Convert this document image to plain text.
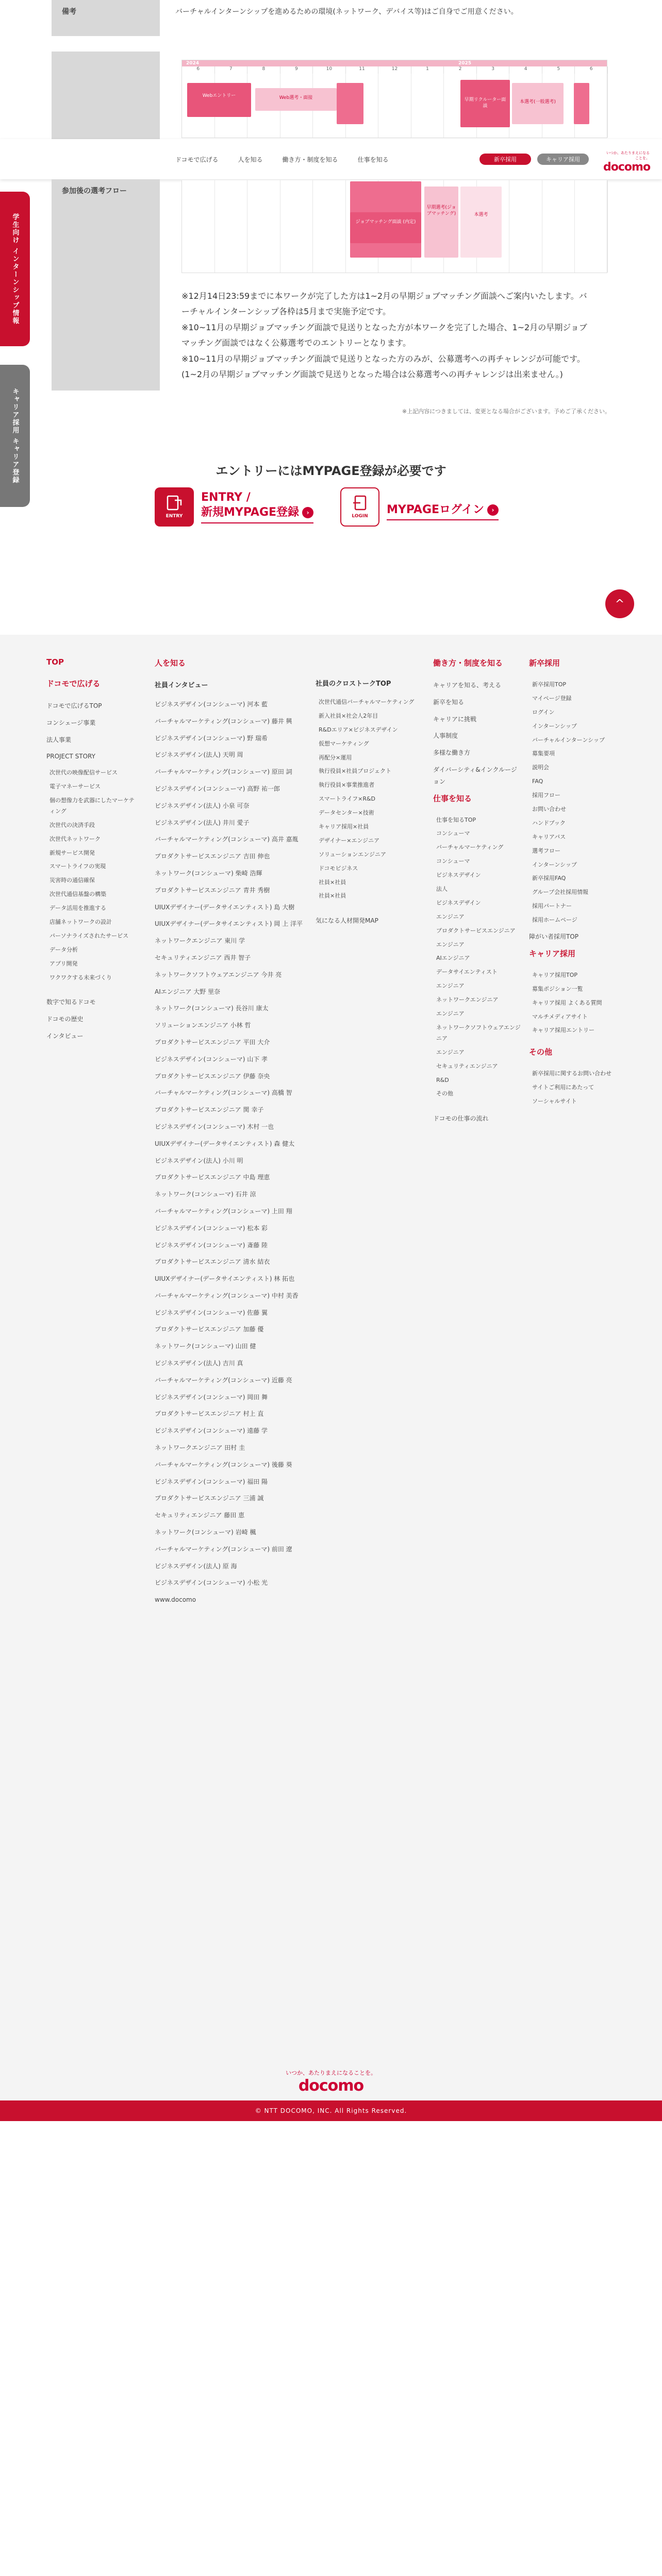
備考	バーチャルインターンシップを進めるための環境(ネットワーク、デバイス等)はご自身でご用意ください。
2024	2025
6	7	8	9	10	11	12	1	2	3	4	5	6
Webエントリー	Web選考・面接	早期リクルーター面談
本選考(一般選考)
ドコモで広げる	人を知る	働き方・制度を知る	仕事を知る	新卒採用	キャリア採用
いつか、あたりまえになることを。
docomo
学生向け インターンシップ情報
キャリア採用 キャリア登録
参加後の選考フロー
ジョブマッチング面談 (内定)
早期選考(ジョブマッチング)	本選考

※12月14日23:59までに本ワークが完了した方は1~2月の早期ジョブマッチング面談へご案内いたします。バーチャルインターンシップ各枠は5月まで実施予定です。

※10~11月の早期ジョブマッチング面談で見送りとなった方が本ワークを完了した場合、1~2月の早期ジョブマッチング面談ではなく公募選考でのエントリーとなります。

※10~11月の早期ジョブマッチング面談で見送りとなった方のみが、公募選考への再チャレンジが可能です。(1~2月の早期ジョブマッチング面談で見送りとなった場合は公募選考への再チャレンジは出来ません。)

※上記内容につきましては、変更となる場合がございます。予めご了承ください。
エントリーにはMYPAGE登録が必要です
ENTRY
ENTRY /
新規MYPAGE登録 ›	LOGIN
MYPAGEログイン ›
^
TOP
ドコモで広げる
ドコモで広げるTOP
コンシェージ事業
法人事業
PROJECT STORY
次世代の映像配信サービス
電子マネーサービス
個の想像力を武器にしたマーケティング
次世代の決済手段
次世代ネットワーク
新規サービス開発
スマートライフの実現
災害時の通信確保
次世代通信基盤の構築
データ活用を推進する
店舗ネットワークの設計
パーソナライズされたサービス
データ分析
アプリ開発
ワクワクする未来づくり
数字で知るドコモ
ドコモの歴史
インタビュー
人を知る
社員インタビュー
ビジネスデザイン(コンシューマ) 河本 藍
バーチャルマーケティング(コンシューマ) 藤井 興
ビジネスデザイン(コンシューマ) 野 瑞希
ビジネスデザイン(法人) 天明 周
バーチャルマーケティング(コンシューマ) 原田 詞
ビジネスデザイン(コンシューマ) 高野 祐一郎
ビジネスデザイン(法人) 小泉 可奈
ビジネスデザイン(法人) 井川 愛子
バーチャルマーケティング(コンシューマ) 高井 嘉胤
プロダクトサービスエンジニア 吉田 伸也
ネットワーク(コンシューマ) 柴崎 浩輝
プロダクトサービスエンジニア 青井 秀樹
UIUXデザイナー(データサイエンティスト) 島 大樹
UIUXデザイナー(データサイエンティスト) 岡 上 洋平
ネットワークエンジニア 東川 学
セキュリティエンジニア 西井 智子
ネットワークソフトウェアエンジニア 今井 亮
AIエンジニア 大野 里奈
ネットワーク(コンシューマ) 長谷川 康太
ソリューションエンジニア 小林 哲
プロダクトサービスエンジニア 平田 大介
ビジネスデザイン(コンシューマ) 山下 孝
プロダクトサービスエンジニア 伊藤 奈央
バーチャルマーケティング(コンシューマ) 高橋 智
プロダクトサービスエンジニア 関 幸子
ビジネスデザイン(コンシューマ) 木村 一也
UIUXデザイナー(データサイエンティスト) 森 健太
ビジネスデザイン(法人) 小川 明
プロダクトサービスエンジニア 中島 理恵
ネットワーク(コンシューマ) 石井 涼
バーチャルマーケティング(コンシューマ) 上田 翔
ビジネスデザイン(コンシューマ) 松本 彩
ビジネスデザイン(コンシューマ) 斎藤 陸
プロダクトサービスエンジニア 清水 結衣
UIUXデザイナー(データサイエンティスト) 林 拓也
バーチャルマーケティング(コンシューマ) 中村 美香
ビジネスデザイン(コンシューマ) 佐藤 翼
プロダクトサービスエンジニア 加藤 優
ネットワーク(コンシューマ) 山田 健
ビジネスデザイン(法人) 吉川 真
バーチャルマーケティング(コンシューマ) 近藤 亮
ビジネスデザイン(コンシューマ) 岡田 舞
プロダクトサービスエンジニア 村上 直
ビジネスデザイン(コンシューマ) 遠藤 学
ネットワークエンジニア 田村 圭
バーチャルマーケティング(コンシューマ) 後藤 葵
ビジネスデザイン(コンシューマ) 福田 陽
プロダクトサービスエンジニア 三浦 誠
セキュリティエンジニア 藤田 恵
ネットワーク(コンシューマ) 岩崎 楓
バーチャルマーケティング(コンシューマ) 前田 遼
ビジネスデザイン(法人) 原 海
ビジネスデザイン(コンシューマ) 小松 光
www.docomo
社員のクロストークTOP
次世代通信バーチャルマーケティング
新入社員×社会人2年目
R&Dエリア×ビジネスデザイン
仮想マーケティング
再配分×運用
執行役員×社員プロジェクト
執行役員×事業推進者
スマートライフ×R&D
データセンター×技術
キャリア採用×社員
デザイナー×エンジニア
ソリューションエンジニア
ドコモビジネス
社員×社員
社員×社員
気になる人材開発MAP
働き方・制度を知る
キャリアを知る、考える
新卒を知る
キャリアに挑戦
人事制度
多様な働き方
ダイバーシティ&インクルージョン
仕事を知る
仕事を知るTOP
コンシューマ
バーチャルマーケティング
コンシューマ
ビジネスデザイン
法人
ビジネスデザイン
エンジニア
プロダクトサービスエンジニア
エンジニア
AIエンジニア
データサイエンティスト
エンジニア
ネットワークエンジニア
エンジニア
ネットワークソフトウェアエンジニア
エンジニア
セキュリティエンジニア
R&D
その他
ドコモの仕事の流れ
新卒採用
新卒採用TOP
マイページ登録
ログイン
インターンシップ
バーチャルインターンシップ
募集要項
説明会
FAQ
採用フロー
お問い合わせ
ハンドブック
キャリアパス
選考フロー
インターンシップ
新卒採用FAQ
グループ会社採用情報
採用パートナー
採用ホームページ
障がい者採用TOP
キャリア採用
キャリア採用TOP
募集ポジション一覧
キャリア採用 よくある質問
マルチメディアサイト
キャリア採用エントリー
その他
新卒採用に関するお問い合わせ
サイトご利用にあたって
ソーシャルサイト
いつか、あたりまえになることを。
docomo
© NTT DOCOMO, INC. All Rights Reserved.
